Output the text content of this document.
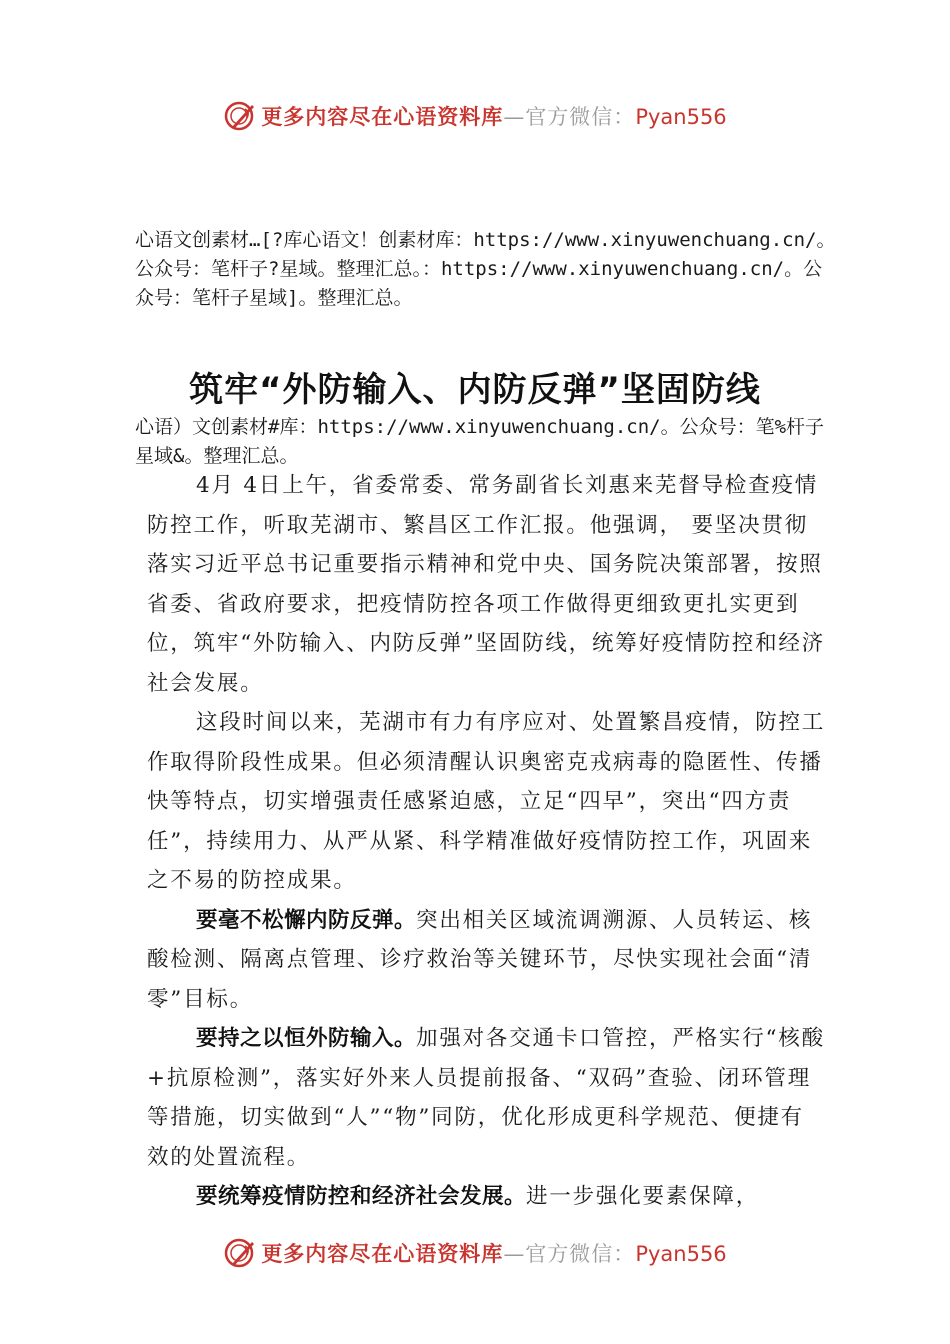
更多内容尽在心语资料库—官方微信：Pyan556

心语文创素材…[?库心语文！创素材库：https://www.xinyuwenchuang.cn/。公众号：笔杆子?星域。整理汇总。：https://www.xinyuwenchuang.cn/。公众号：笔杆子星域]。整理汇总。

筑牢“外防输入、内防反弹”坚固防线

心语）文创素材#库：https://www.xinyuwenchuang.cn/。公众号：笔%杆子星域&。整理汇总。

4月 4日上午，省委常委、常务副省长刘惠来芜督导检查疫情防控工作，听取芜湖市、繁昌区工作汇报。他强调， 要坚决贯彻落实习近平总书记重要指示精神和党中央、国务院决策部署，按照省委、省政府要求，把疫情防控各项工作做得更细致更扎实更到位，筑牢“外防输入、内防反弹”坚固防线，统筹好疫情防控和经济社会发展。

这段时间以来，芜湖市有力有序应对、处置繁昌疫情，防控工作取得阶段性成果。但必须清醒认识奥密克戎病毒的隐匿性、传播快等特点，切实增强责任感紧迫感，立足“四早”，突出“四方责任”，持续用力、从严从紧、科学精准做好疫情防控工作，巩固来之不易的防控成果。

要毫不松懈内防反弹。突出相关区域流调溯源、人员转运、核酸检测、隔离点管理、诊疗救治等关键环节，尽快实现社会面“清零”目标。

要持之以恒外防输入。加强对各交通卡口管控，严格实行“核酸+抗原检测”，落实好外来人员提前报备、“双码”查验、闭环管理等措施，切实做到“人”“物”同防，优化形成更科学规范、便捷有效的处置流程。

要统筹疫情防控和经济社会发展。进一步强化要素保障，

更多内容尽在心语资料库—官方微信：Pyan556
